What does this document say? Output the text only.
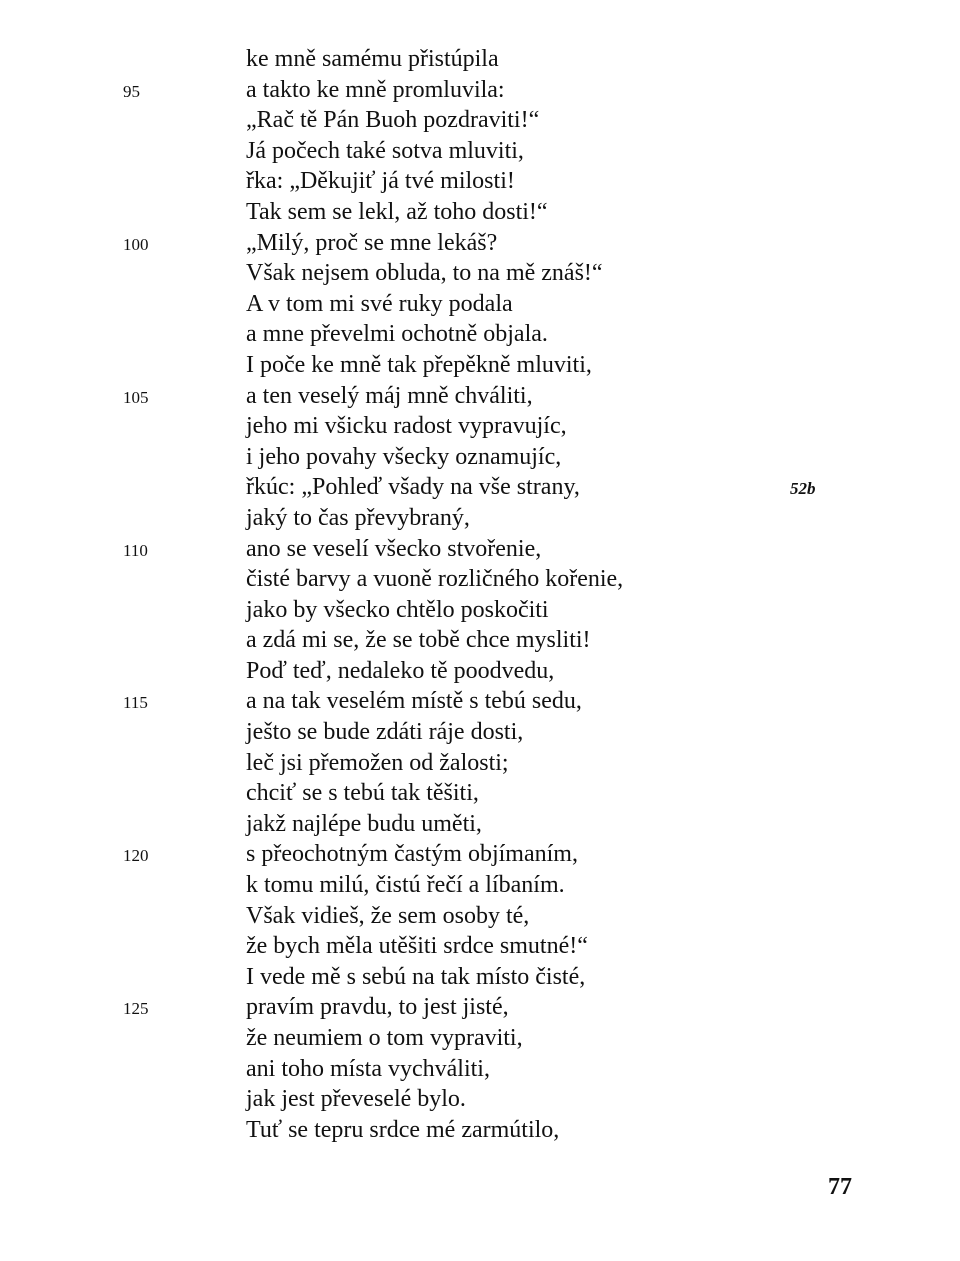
ke mně samému přistúpila
95	a takto ke mně promluvila:
„Rač tě Pán Buoh pozdraviti!“
Já počech také sotva mluviti,
řka: „Děkujiť já tvé milosti!
Tak sem se lekl, až toho dosti!“
100	„Milý, proč se mne lekáš?
Však nejsem obluda, to na mě znáš!“
A v tom mi své ruky podala
a mne převelmi ochotně objala.
I poče ke mně tak přepěkně mluviti,
105	a ten veselý máj mně chváliti,
jeho mi všicku radost vypravujíc,
i jeho povahy všecky oznamujíc,
řkúc: „Pohleď všady na vše strany,	52b
jaký to čas převybraný,
110	ano se veselí všecko stvořenie,
čisté barvy a vuoně rozličného kořenie,
jako by všecko chtělo poskočiti
a zdá mi se, že se tobě chce mysliti!
Poď teď, nedaleko tě poodvedu,
115	a na tak veselém místě s tebú sedu,
ješto se bude zdáti ráje dosti,
leč jsi přemožen od žalosti;
chciť se s tebú tak těšiti,
jakž najlépe budu uměti,
120	s přeochotným častým objímaním,
k tomu milú, čistú řečí a líbaním.
Však vidieš, že sem osoby té,
že bych měla utěšiti srdce smutné!“
I vede mě s sebú na tak místo čisté,
125	pravím pravdu, to jest jisté,
že neumiem o tom vypraviti,
ani toho místa vychváliti,
jak jest převeselé bylo.
Tuť se tepru srdce mé zarmútilo,
77
